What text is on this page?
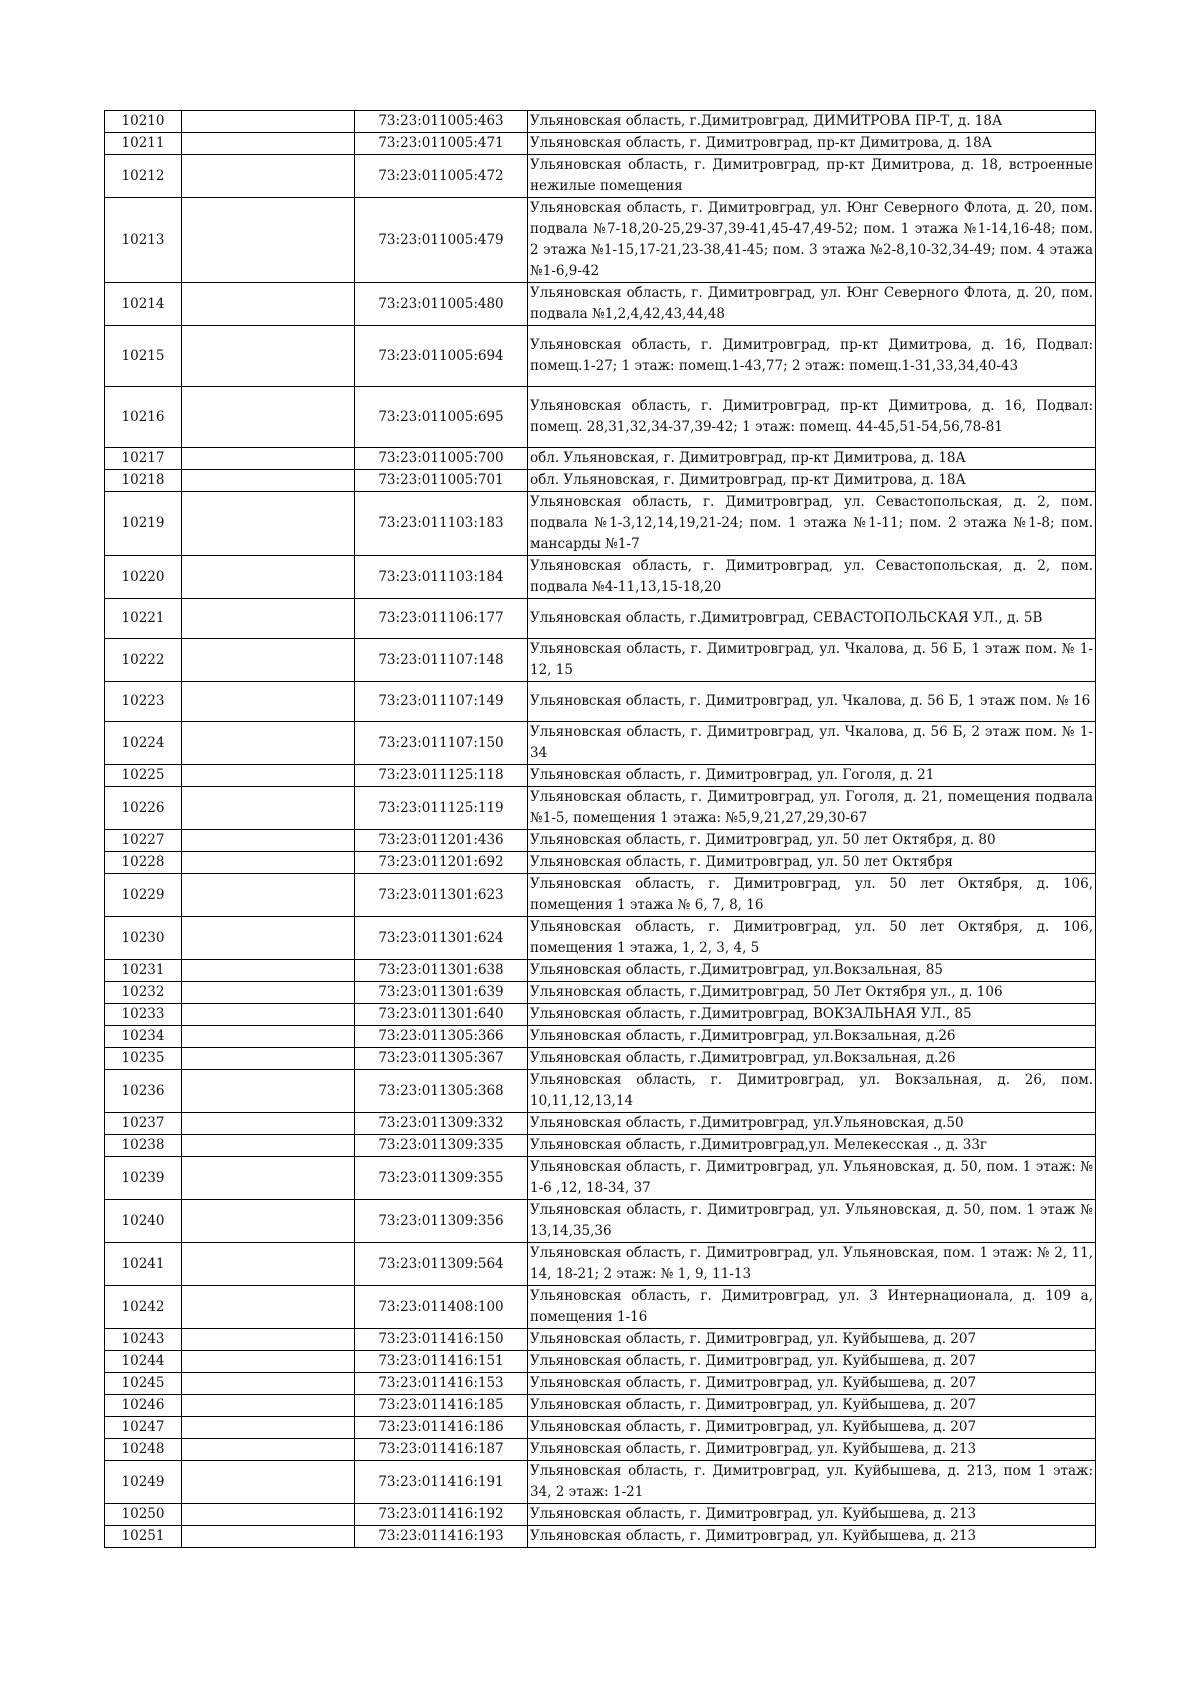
10210		73:23:011005:463	Ульяновская область, г.Димитровград, ДИМИТРОВА ПР-Т, д. 18А
10211		73:23:011005:471	Ульяновская область, г. Димитровград, пр-кт Димитрова, д. 18А
10212		73:23:011005:472	Ульяновская область, г. Димитровград, пр-кт Димитрова, д. 18, встроенные нежилые помещения
10213		73:23:011005:479	Ульяновская область, г. Димитровград, ул. Юнг Северного Флота, д. 20, пом. подвала №7-18,20-25,29-37,39-41,45-47,49-52; пом. 1 этажа №1-14,16-48; пом. 2 этажа №1-15,17-21,23-38,41-45; пом. 3 этажа №2-8,10-32,34-49; пом. 4 этажа №1-6,9-42
10214		73:23:011005:480	Ульяновская область, г. Димитровград, ул. Юнг Северного Флота, д. 20, пом. подвала №1,2,4,42,43,44,48
10215		73:23:011005:694	Ульяновская область, г. Димитровград, пр-кт Димитрова, д. 16, Подвал: помещ.1-27; 1 этаж: помещ.1-43,77; 2 этаж: помещ.1-31,33,34,40-43
10216		73:23:011005:695	Ульяновская область, г. Димитровград, пр-кт Димитрова, д. 16, Подвал: помещ. 28,31,32,34-37,39-42; 1 этаж: помещ. 44-45,51-54,56,78-81
10217		73:23:011005:700	обл. Ульяновская, г. Димитровград, пр-кт Димитрова, д. 18А
10218		73:23:011005:701	обл. Ульяновская, г. Димитровград, пр-кт Димитрова, д. 18А
10219		73:23:011103:183	Ульяновская область, г. Димитровград, ул. Севастопольская, д. 2, пом. подвала №1-3,12,14,19,21-24; пом. 1 этажа №1-11; пом. 2 этажа №1-8; пом. мансарды №1-7
10220		73:23:011103:184	Ульяновская область, г. Димитровград, ул. Севастопольская, д. 2, пом. подвала №4-11,13,15-18,20
10221		73:23:011106:177	Ульяновская область, г.Димитровград, СЕВАСТОПОЛЬСКАЯ УЛ., д. 5В
10222		73:23:011107:148	Ульяновская область, г. Димитровград, ул. Чкалова, д. 56 Б, 1 этаж пом. № 1-12, 15
10223		73:23:011107:149	Ульяновская область, г. Димитровград, ул. Чкалова, д. 56 Б, 1 этаж пом. № 16
10224		73:23:011107:150	Ульяновская область, г. Димитровград, ул. Чкалова, д. 56 Б, 2 этаж пом. № 1-34
10225		73:23:011125:118	Ульяновская область, г. Димитровград, ул. Гоголя, д. 21
10226		73:23:011125:119	Ульяновская область, г. Димитровград, ул. Гоголя, д. 21, помещения подвала №1-5, помещения 1 этажа: №5,9,21,27,29,30-67
10227		73:23:011201:436	Ульяновская область, г. Димитровград, ул. 50 лет Октября, д. 80
10228		73:23:011201:692	Ульяновская область, г. Димитровград, ул. 50 лет Октября
10229		73:23:011301:623	Ульяновская область, г. Димитровград, ул. 50 лет Октября, д. 106, помещения 1 этажа № 6, 7, 8, 16
10230		73:23:011301:624	Ульяновская область, г. Димитровград, ул. 50 лет Октября, д. 106, помещения 1 этажа, 1, 2, 3, 4, 5
10231		73:23:011301:638	Ульяновская область, г.Димитровград, ул.Вокзальная, 85
10232		73:23:011301:639	Ульяновская область, г.Димитровград, 50 Лет Октября ул., д. 106
10233		73:23:011301:640	Ульяновская область, г.Димитровград, ВОКЗАЛЬНАЯ УЛ., 85
10234		73:23:011305:366	Ульяновская область, г.Димитровград, ул.Вокзальная, д.26
10235		73:23:011305:367	Ульяновская область, г.Димитровград, ул.Вокзальная, д.26
10236		73:23:011305:368	Ульяновская область, г. Димитровград, ул. Вокзальная, д. 26, пом. 10,11,12,13,14
10237		73:23:011309:332	Ульяновская область, г.Димитровград, ул.Ульяновская, д.50
10238		73:23:011309:335	Ульяновская область, г.Димитровград,ул. Мелекесская ., д. 33г
10239		73:23:011309:355	Ульяновская область, г. Димитровград, ул. Ульяновская, д. 50, пом. 1 этаж: № 1-6 ,12, 18-34, 37
10240		73:23:011309:356	Ульяновская область, г. Димитровград, ул. Ульяновская, д. 50, пом. 1 этаж № 13,14,35,36
10241		73:23:011309:564	Ульяновская область, г. Димитровград, ул. Ульяновская, пом. 1 этаж: № 2, 11, 14, 18-21; 2 этаж: № 1, 9, 11-13
10242		73:23:011408:100	Ульяновская область, г. Димитровград, ул. 3 Интернационала, д. 109 а, помещения 1-16
10243		73:23:011416:150	Ульяновская область, г. Димитровград, ул. Куйбышева, д. 207
10244		73:23:011416:151	Ульяновская область, г. Димитровград, ул. Куйбышева, д. 207
10245		73:23:011416:153	Ульяновская область, г. Димитровград, ул. Куйбышева, д. 207
10246		73:23:011416:185	Ульяновская область, г. Димитровград, ул. Куйбышева, д. 207
10247		73:23:011416:186	Ульяновская область, г. Димитровград, ул. Куйбышева, д. 207
10248		73:23:011416:187	Ульяновская область, г. Димитровград, ул. Куйбышева, д. 213
10249		73:23:011416:191	Ульяновская область, г. Димитровград, ул. Куйбышева, д. 213, пом 1 этаж: 34, 2 этаж: 1-21
10250		73:23:011416:192	Ульяновская область, г. Димитровград, ул. Куйбышева, д. 213
10251		73:23:011416:193	Ульяновская область, г. Димитровград, ул. Куйбышева, д. 213
